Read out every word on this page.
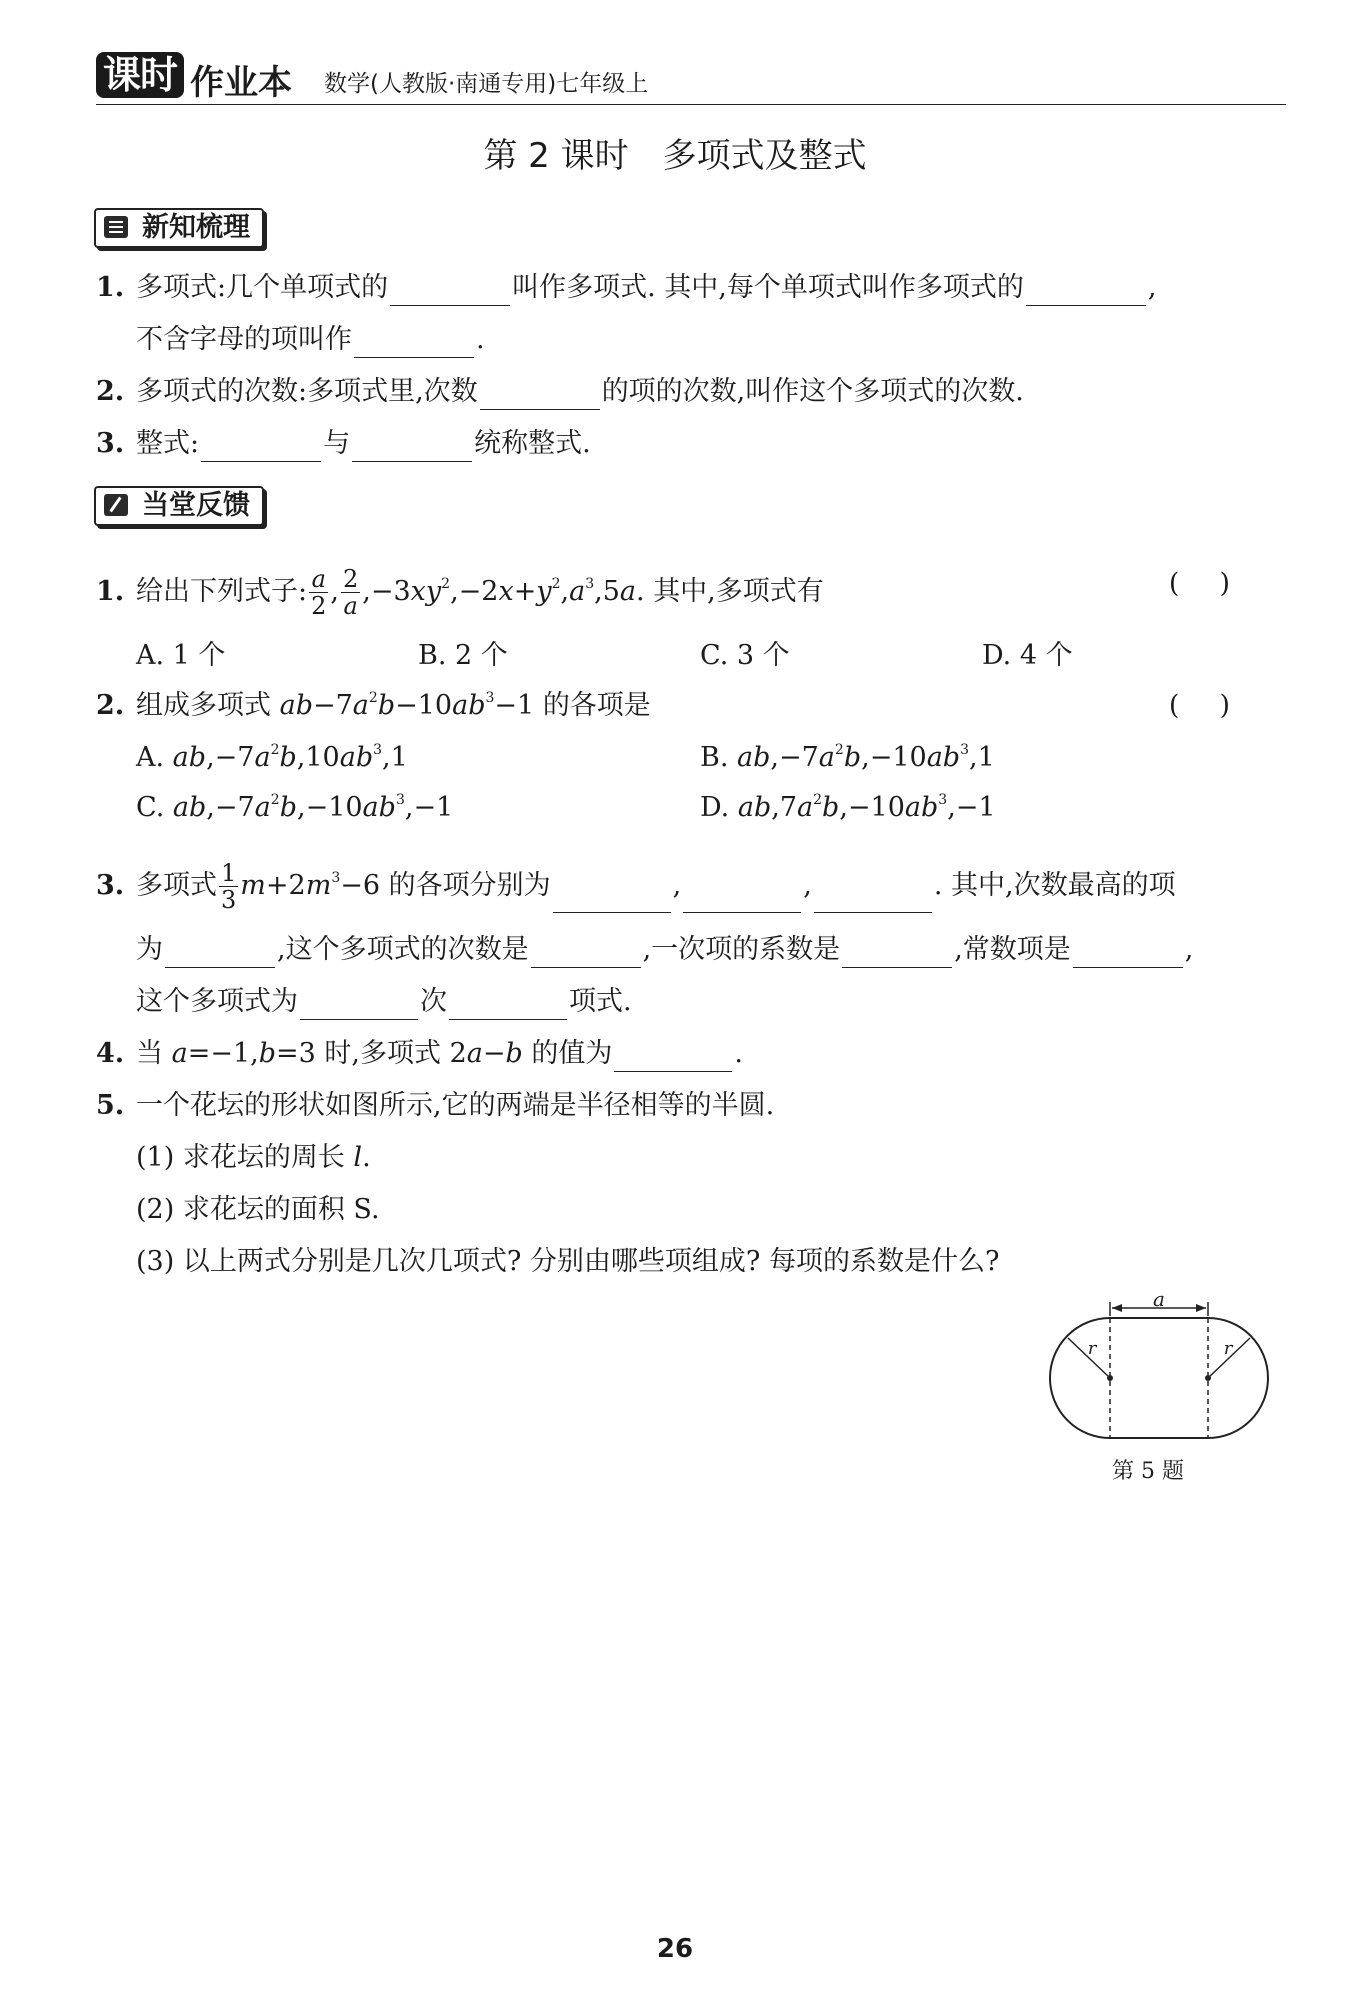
课时 作业本 数学(人教版·南通专用)七年级上
第 2 课时　多项式及整式
新知梳理
1. 多项式:几个单项式的	叫作多项式. 其中,每个单项式叫作多项式的	,
不含字母的项叫作	.
2. 多项式的次数:多项式里,次数	的项的次数,叫作这个多项式的次数.
3. 整式:	与	统称整式.
当堂反馈
1. 给出下列式子: $\frac{a}{2}$ , $\frac{2}{a} ,-3xy^2,-2x+y^2,a^3,5a$. 其中,多项式有	()
A. 1 个	B. 2 个	C. 3 个	D. 4 个
2. 组成多项式 $ab-7a^2b-10ab^3-1$ 的各项是	()
A. $ab,-7a^2b,10ab^3,1$	B. $ab,-7a^2b,-10ab^3,1$
C. $ab,-7a^2b,-10ab^3,-1$	D. $ab,7a^2b,-10ab^3,-1$
3. 多项式 $\frac{1}{3} m+2m^3-6$ 的各项分别为	,	,	. 其中,次数最高的项
为	,这个多项式的次数是	,一次项的系数是	,常数项是	,
这个多项式为	次	项式.
4. 当 a=−1,b=3 时,多项式 2a−b 的值为	.
5. 一个花坛的形状如图所示,它的两端是半径相等的半圆.
(1) 求花坛的周长 l.
(2) 求花坛的面积 S.
(3) 以上两式分别是几次几项式? 分别由哪些项组成? 每项的系数是什么?
a
r	r
第 5 题
26
